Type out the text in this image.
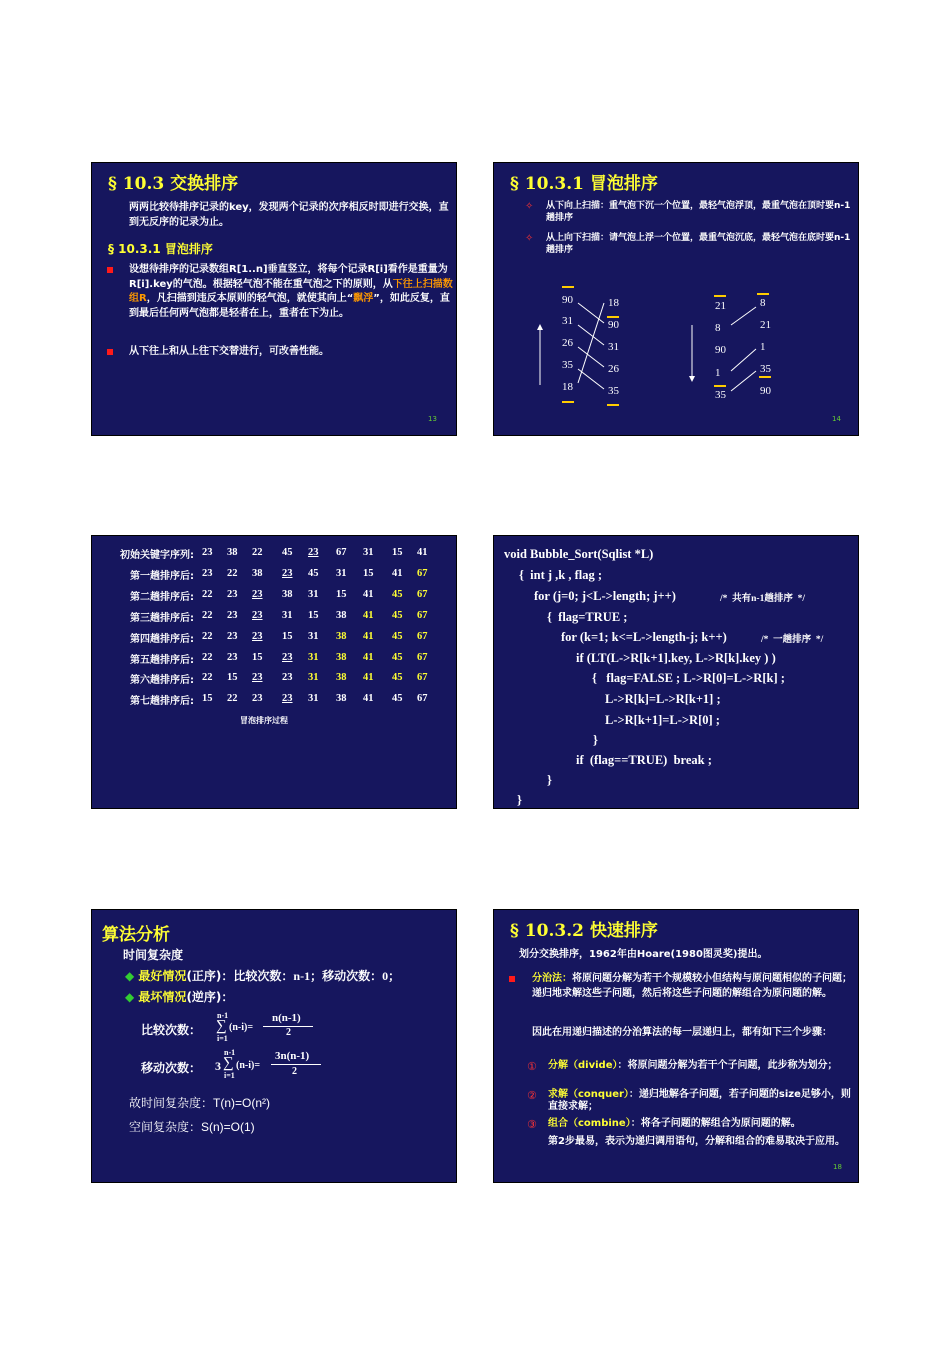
§ 10.3 交换排序
两两比较待排序记录的key，发现两个记录的次序相反时即进行交换，直到无反序的记录为止。
§ 10.3.1 冒泡排序
设想待排序的记录数组R[1..n]垂直竖立，将每个记录R[i]看作是重量为R[i].key的气泡。根据轻气泡不能在重气泡之下的原则，从下往上扫描数组R，凡扫描到违反本原则的轻气泡，就使其向上“飘浮”，如此反复，直到最后任何两气泡都是轻者在上，重者在下为止。
从下往上和从上往下交替进行，可改善性能。
13
§ 10.3.1 冒泡排序
✧ 从下向上扫描：重气泡下沉一个位置，最轻气泡浮顶，最重气泡在顶时要n-1趟排序
✧ 从上向下扫描：请气泡上浮一个位置，最重气泡沉底，最轻气泡在底时要n-1趟排序
90
31
26
35
18
18
90
31
26
35
21
8
90
1
35
8
21
1
35
90
14
初始关键字序列: 23 38 22 45 23 67 31 15 41
第一趟排序后: 23 22 38 23 45 31 15 41 67
第二趟排序后: 22 23 23 38 31 15 41 45 67
第三趟排序后: 22 23 23 31 15 38 41 45 67
第四趟排序后: 22 23 23 15 31 38 41 45 67
第五趟排序后: 22 23 15 23 31 38 41 45 67
第六趟排序后: 22 15 23 23 31 38 41 45 67
第七趟排序后: 15 22 23 23 31 38 41 45 67
冒泡排序过程
void Bubble_Sort(Sqlist *L)
{  int j ,k , flag ;
for (j=0; j<L->length; j++)	/*  共有n-1趟排序  */
{  flag=TRUE ;
for (k=1; k<=L->length-j; k++)	/*  一趟排序  */
if (LT(L->R[k+1].key, L->R[k].key ) )
{   flag=FALSE ; L->R[0]=L->R[k] ;
L->R[k]=L->R[k+1] ;
L->R[k+1]=L->R[0] ;
}
if  (flag==TRUE)  break ;
}
}
算法分析
时间复杂度
◆ 最好情况(正序)：比较次数：n-1；移动次数：0；
◆ 最坏情况(逆序)：
比较次数：
n-1
∑
i=1
(n-i)=
n(n-1)
2
移动次数： 3
n-1
∑
i=1
(n-i)=
3n(n-1)
2
故时间复杂度：T(n)=O(n²)
空间复杂度：S(n)=O(1)
§ 10.3.2 快速排序
划分交换排序，1962年由Hoare(1980图灵奖)提出。
分治法：将原问题分解为若干个规模较小但结构与原问题相似的子问题；递归地求解这些子问题，然后将这些子问题的解组合为原问题的解。
因此在用递归描述的分治算法的每一层递归上，都有如下三个步骤：
① 分解（divide）：将原问题分解为若干个子问题，此步称为划分；
② 求解（conquer）：递归地解各子问题，若子问题的size足够小，则直接求解；
③ 组合（combine）：将各子问题的解组合为原问题的解。
第2步最易，表示为递归调用语句，分解和组合的难易取决于应用。
18
